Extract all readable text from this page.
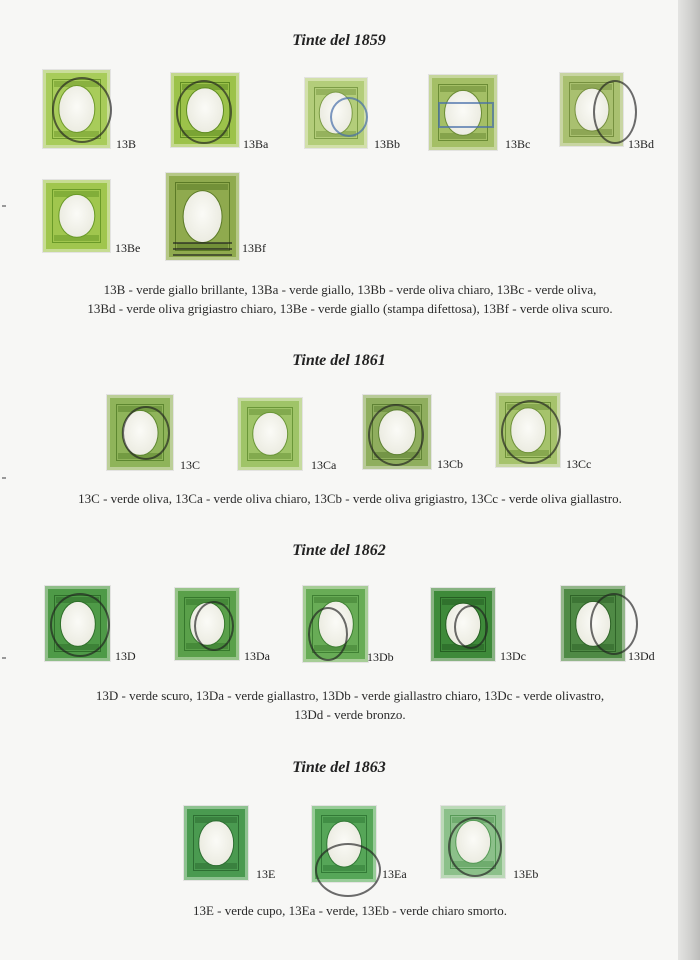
Tinte del 1859
13B	13Ba	13Bb	13Bc	13Bd
13Be	13Bf
13B - verde giallo brillante, 13Ba - verde giallo, 13Bb - verde oliva chiaro, 13Bc - verde oliva,
13Bd - verde oliva grigiastro chiaro, 13Be - verde giallo (stampa difettosa), 13Bf - verde oliva scuro.
Tinte del 1861
13C	13Ca	13Cb	13Cc
13C - verde oliva, 13Ca - verde oliva chiaro, 13Cb - verde oliva grigiastro, 13Cc - verde oliva giallastro.
Tinte del 1862
13D	13Da	13Db	13Dc	13Dd
13D - verde scuro, 13Da - verde giallastro, 13Db - verde giallastro chiaro, 13Dc - verde olivastro,
13Dd - verde bronzo.
Tinte del 1863
13E	13Ea	13Eb
13E - verde cupo, 13Ea - verde, 13Eb - verde chiaro smorto.
